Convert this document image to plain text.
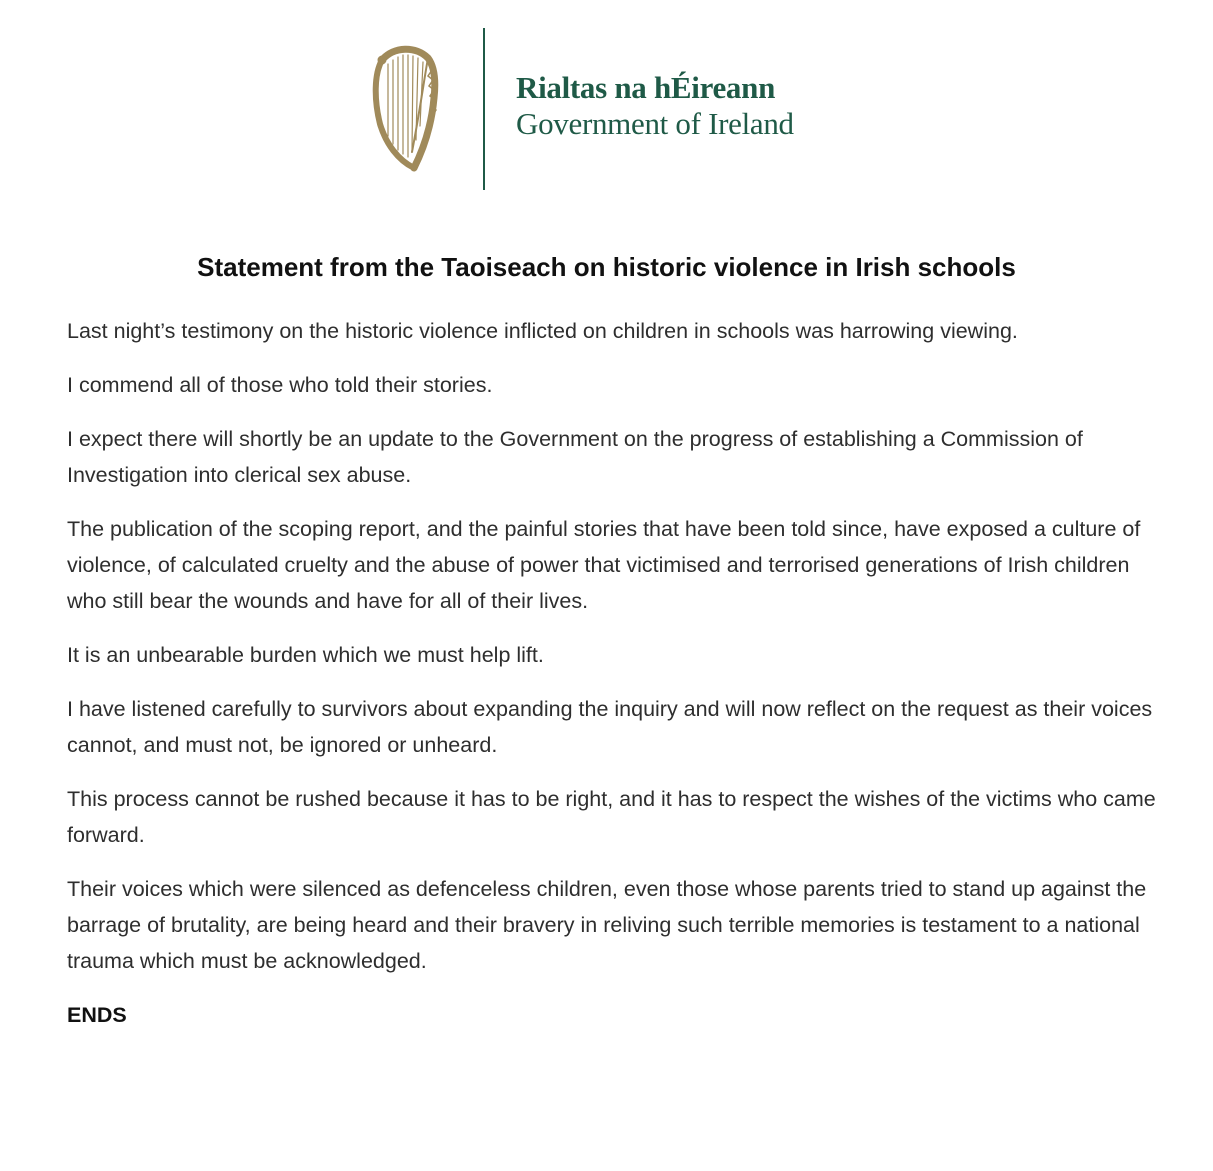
Rialtas na hÉireann
Government of Ireland
Statement from the Taoiseach on historic violence in Irish schools

Last night’s testimony on the historic violence inflicted on children in schools was harrowing viewing.

I commend all of those who told their stories.

I expect there will shortly be an update to the Government on the progress of establishing a Commission of Investigation into clerical sex abuse.

The publication of the scoping report, and the painful stories that have been told since, have exposed a culture of violence, of calculated cruelty and the abuse of power that victimised and terrorised generations of Irish children who still bear the wounds and have for all of their lives.

It is an unbearable burden which we must help lift.

I have listened carefully to survivors about expanding the inquiry and will now reflect on the request as their voices cannot, and must not, be ignored or unheard.

This process cannot be rushed because it has to be right, and it has to respect the wishes of the victims who came forward.

Their voices which were silenced as defenceless children, even those whose parents tried to stand up against the barrage of brutality, are being heard and their bravery in reliving such terrible memories is testament to a national trauma which must be acknowledged.

ENDS
